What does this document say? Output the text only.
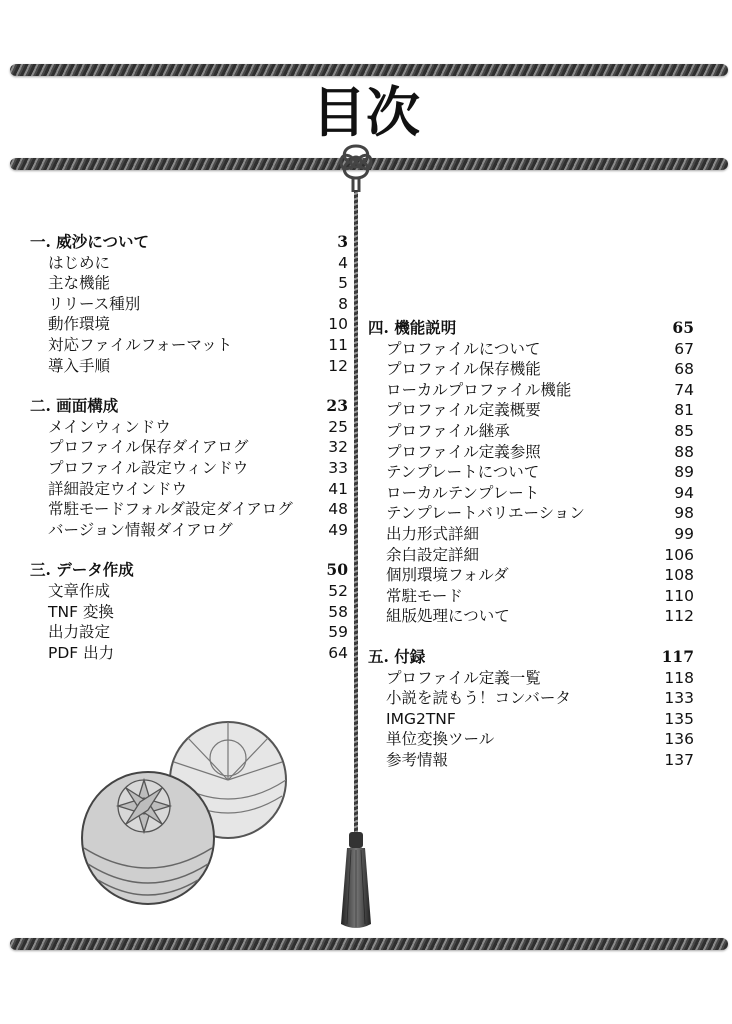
目次
一. 威沙について	3
はじめに	4
主な機能	5
リリース種別	8
動作環境	10
対応ファイルフォーマット	11
導入手順	12
二. 画面構成	23
メインウィンドウ	25
プロファイル保存ダイアログ	32
プロファイル設定ウィンドウ	33
詳細設定ウインドウ	41
常駐モードフォルダ設定ダイアログ	48
バージョン情報ダイアログ	49
三. データ作成	50
文章作成	52
TNF 変換	58
出力設定	59
PDF 出力	64
四. 機能説明	65
プロファイルについて	67
プロファイル保存機能	68
ローカルプロファイル機能	74
プロファイル定義概要	81
プロファイル継承	85
プロファイル定義参照	88
テンプレートについて	89
ローカルテンプレート	94
テンプレートバリエーション	98
出力形式詳細	99
余白設定詳細	106
個別環境フォルダ	108
常駐モード	110
組版処理について	112
五. 付録	117
プロファイル定義一覧	118
小説を読もう！コンバータ	133
IMG2TNF	135
単位変換ツール	136
参考情報	137
